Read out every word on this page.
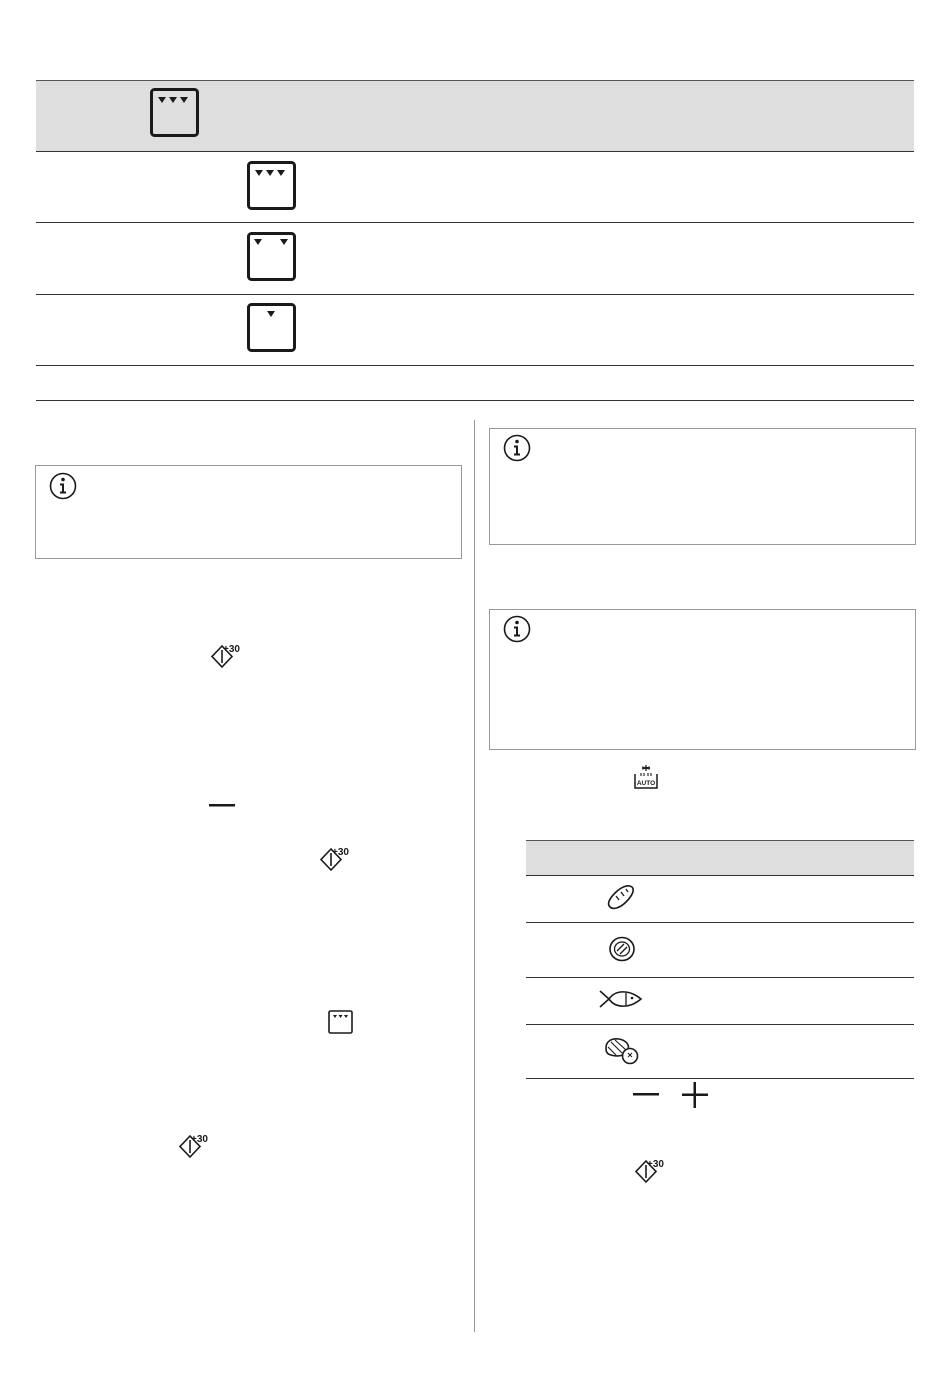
+30
+30
+30
AUTO
+30
